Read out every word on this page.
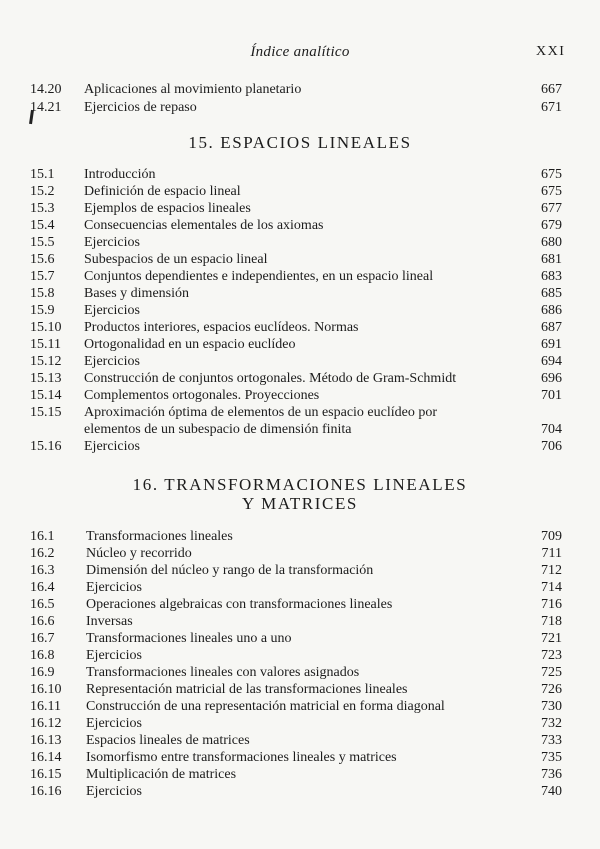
Índice analítico	XXI
14.20 Aplicaciones al movimiento planetario	667
14.21 Ejercicios de repaso	671
15. ESPACIOS LINEALES
15.1 Introducción	675
15.2 Definición de espacio lineal	675
15.3 Ejemplos de espacios lineales	677
15.4 Consecuencias elementales de los axiomas	679
15.5 Ejercicios	680
15.6 Subespacios de un espacio lineal	681
15.7 Conjuntos dependientes e independientes, en un espacio lineal	683
15.8 Bases y dimensión	685
15.9 Ejercicios	686
15.10 Productos interiores, espacios euclídeos. Normas	687
15.11 Ortogonalidad en un espacio euclídeo	691
15.12 Ejercicios	694
15.13 Construcción de conjuntos ortogonales. Método de Gram-Schmidt	696
15.14 Complementos ortogonales. Proyecciones	701
15.15 Aproximación óptima de elementos de un espacio euclídeo por
elementos de un subespacio de dimensión finita	704
15.16 Ejercicios	706
16. TRANSFORMACIONES LINEALES
Y MATRICES
16.1 Transformaciones lineales	709
16.2 Núcleo y recorrido	711
16.3 Dimensión del núcleo y rango de la transformación	712
16.4 Ejercicios	714
16.5 Operaciones algebraicas con transformaciones lineales	716
16.6 Inversas	718
16.7 Transformaciones lineales uno a uno	721
16.8 Ejercicios	723
16.9 Transformaciones lineales con valores asignados	725
16.10 Representación matricial de las transformaciones lineales	726
16.11 Construcción de una representación matricial en forma diagonal	730
16.12 Ejercicios	732
16.13 Espacios lineales de matrices	733
16.14 Isomorfismo entre transformaciones lineales y matrices	735
16.15 Multiplicación de matrices	736
16.16 Ejercicios	740
